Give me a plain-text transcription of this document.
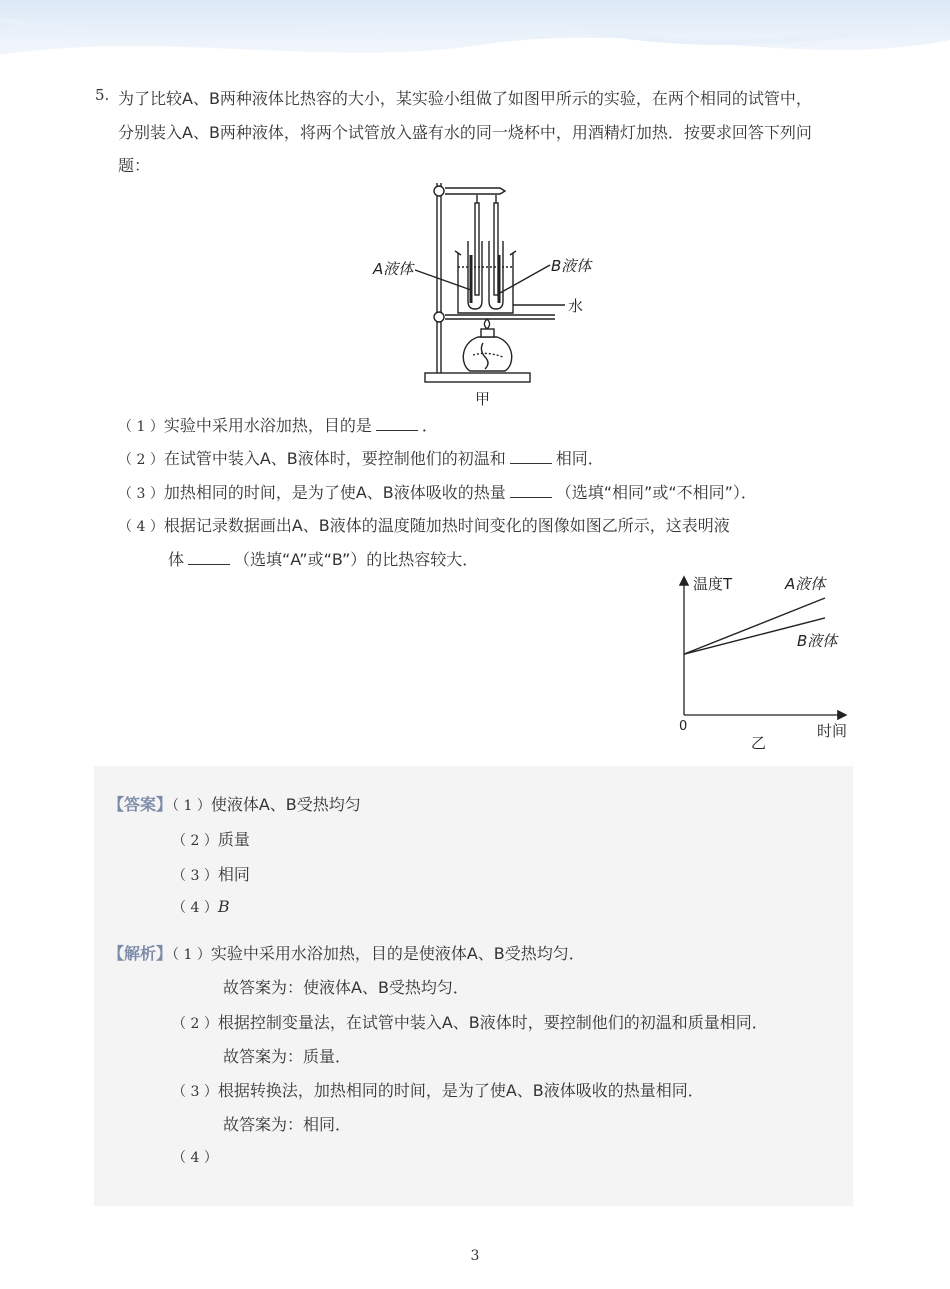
5. 为了比较A、B两种液体比热容的大小，某实验小组做了如图甲所示的实验，在两个相同的试管中，
分别装入A、B两种液体，将两个试管放入盛有水的同一烧杯中，用酒精灯加热．按要求回答下列问
题：
A液体	B液体
水
甲
（ 1 ）实验中采用水浴加热，目的是	．
（ 2 ）在试管中装入A、B液体时，要控制他们的初温和	相同．
（ 3 ）加热相同的时间，是为了使A、B液体吸收的热量	（选填“相同”或“不相同”）．
（ 4 ）根据记录数据画出A、B液体的温度随加热时间变化的图像如图乙所示，这表明液
体	（选填“A”或“B”）的比热容较大．
温度T
时间
0
A液体
B液体
乙
【答案】（ 1 ）使液体A、B受热均匀
（ 2 ）质量
（ 3 ）相同
（ 4 ）B
【解析】（ 1 ）实验中采用水浴加热，目的是使液体A、B受热均匀．
故答案为：使液体A、B受热均匀．
（ 2 ）根据控制变量法，在试管中装入A、B液体时，要控制他们的初温和质量相同．
故答案为：质量．
（ 3 ）根据转换法，加热相同的时间，是为了使A、B液体吸收的热量相同．
故答案为：相同．
（ 4 ）
3
